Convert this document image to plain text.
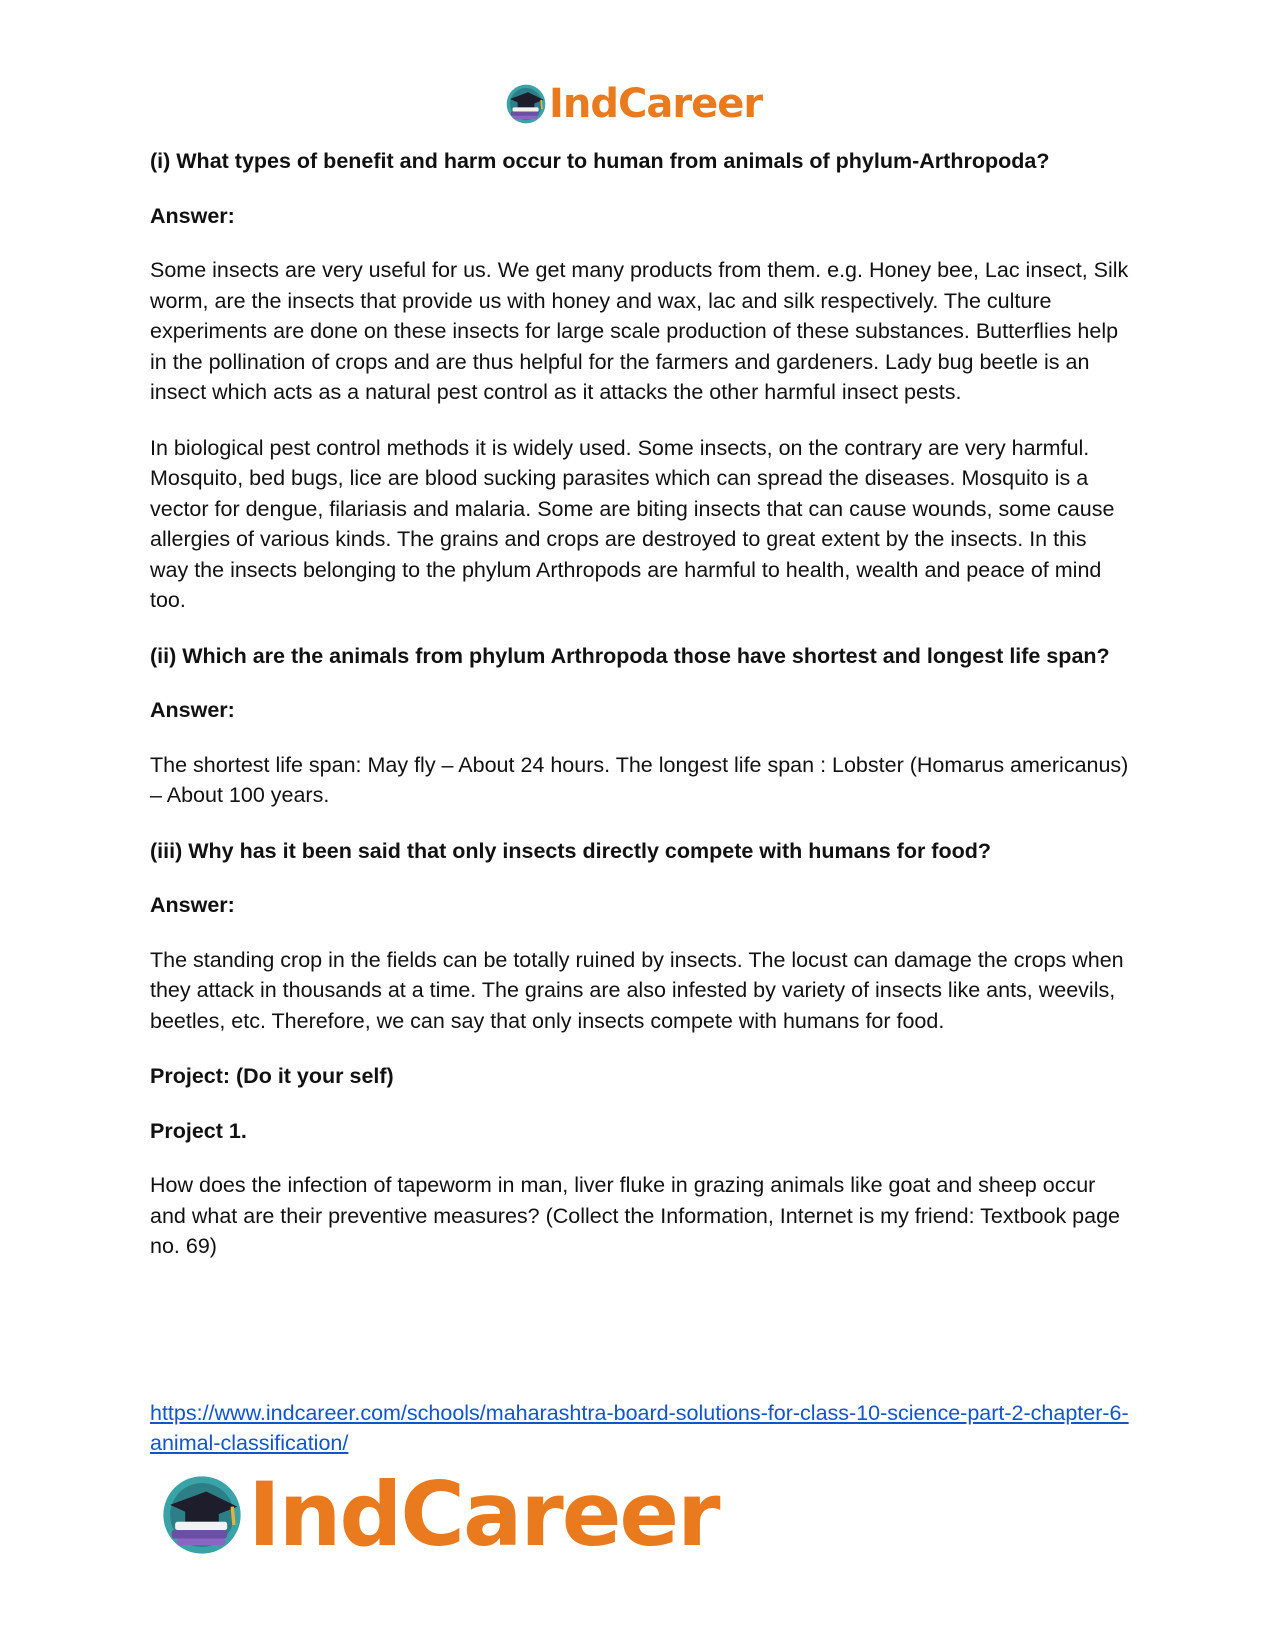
IndCareer

(i) What types of benefit and harm occur to human from animals of phylum-Arthropoda?

Answer:

Some insects are very useful for us. We get many products from them. e.g. Honey bee, Lac insect, Silk worm, are the insects that provide us with honey and wax, lac and silk respectively. The culture experiments are done on these insects for large scale production of these substances. Butterflies help in the pollination of crops and are thus helpful for the farmers and gardeners. Lady bug beetle is an insect which acts as a natural pest control as it attacks the other harmful insect pests.

In biological pest control methods it is widely used. Some insects, on the contrary are very harmful. Mosquito, bed bugs, lice are blood sucking parasites which can spread the diseases. Mosquito is a vector for dengue, filariasis and malaria. Some are biting insects that can cause wounds, some cause allergies of various kinds. The grains and crops are destroyed to great extent by the insects. In this way the insects belonging to the phylum Arthropods are harmful to health, wealth and peace of mind too.

(ii) Which are the animals from phylum Arthropoda those have shortest and longest life span?

Answer:

The shortest life span: May fly – About 24 hours. The longest life span : Lobster (Homarus americanus) – About 100 years.

(iii) Why has it been said that only insects directly compete with humans for food?

Answer:

The standing crop in the fields can be totally ruined by insects. The locust can damage the crops when they attack in thousands at a time. The grains are also infested by variety of insects like ants, weevils, beetles, etc. Therefore, we can say that only insects compete with humans for food.

Project: (Do it your self)

Project 1.

How does the infection of tapeworm in man, liver fluke in grazing animals like goat and sheep occur and what are their preventive measures? (Collect the Information, Internet is my friend: Textbook page no. 69)

https://www.indcareer.com/schools/maharashtra-board-solutions-for-class-10-science-part-2-chapter-6-animal-classification/
IndCareer
